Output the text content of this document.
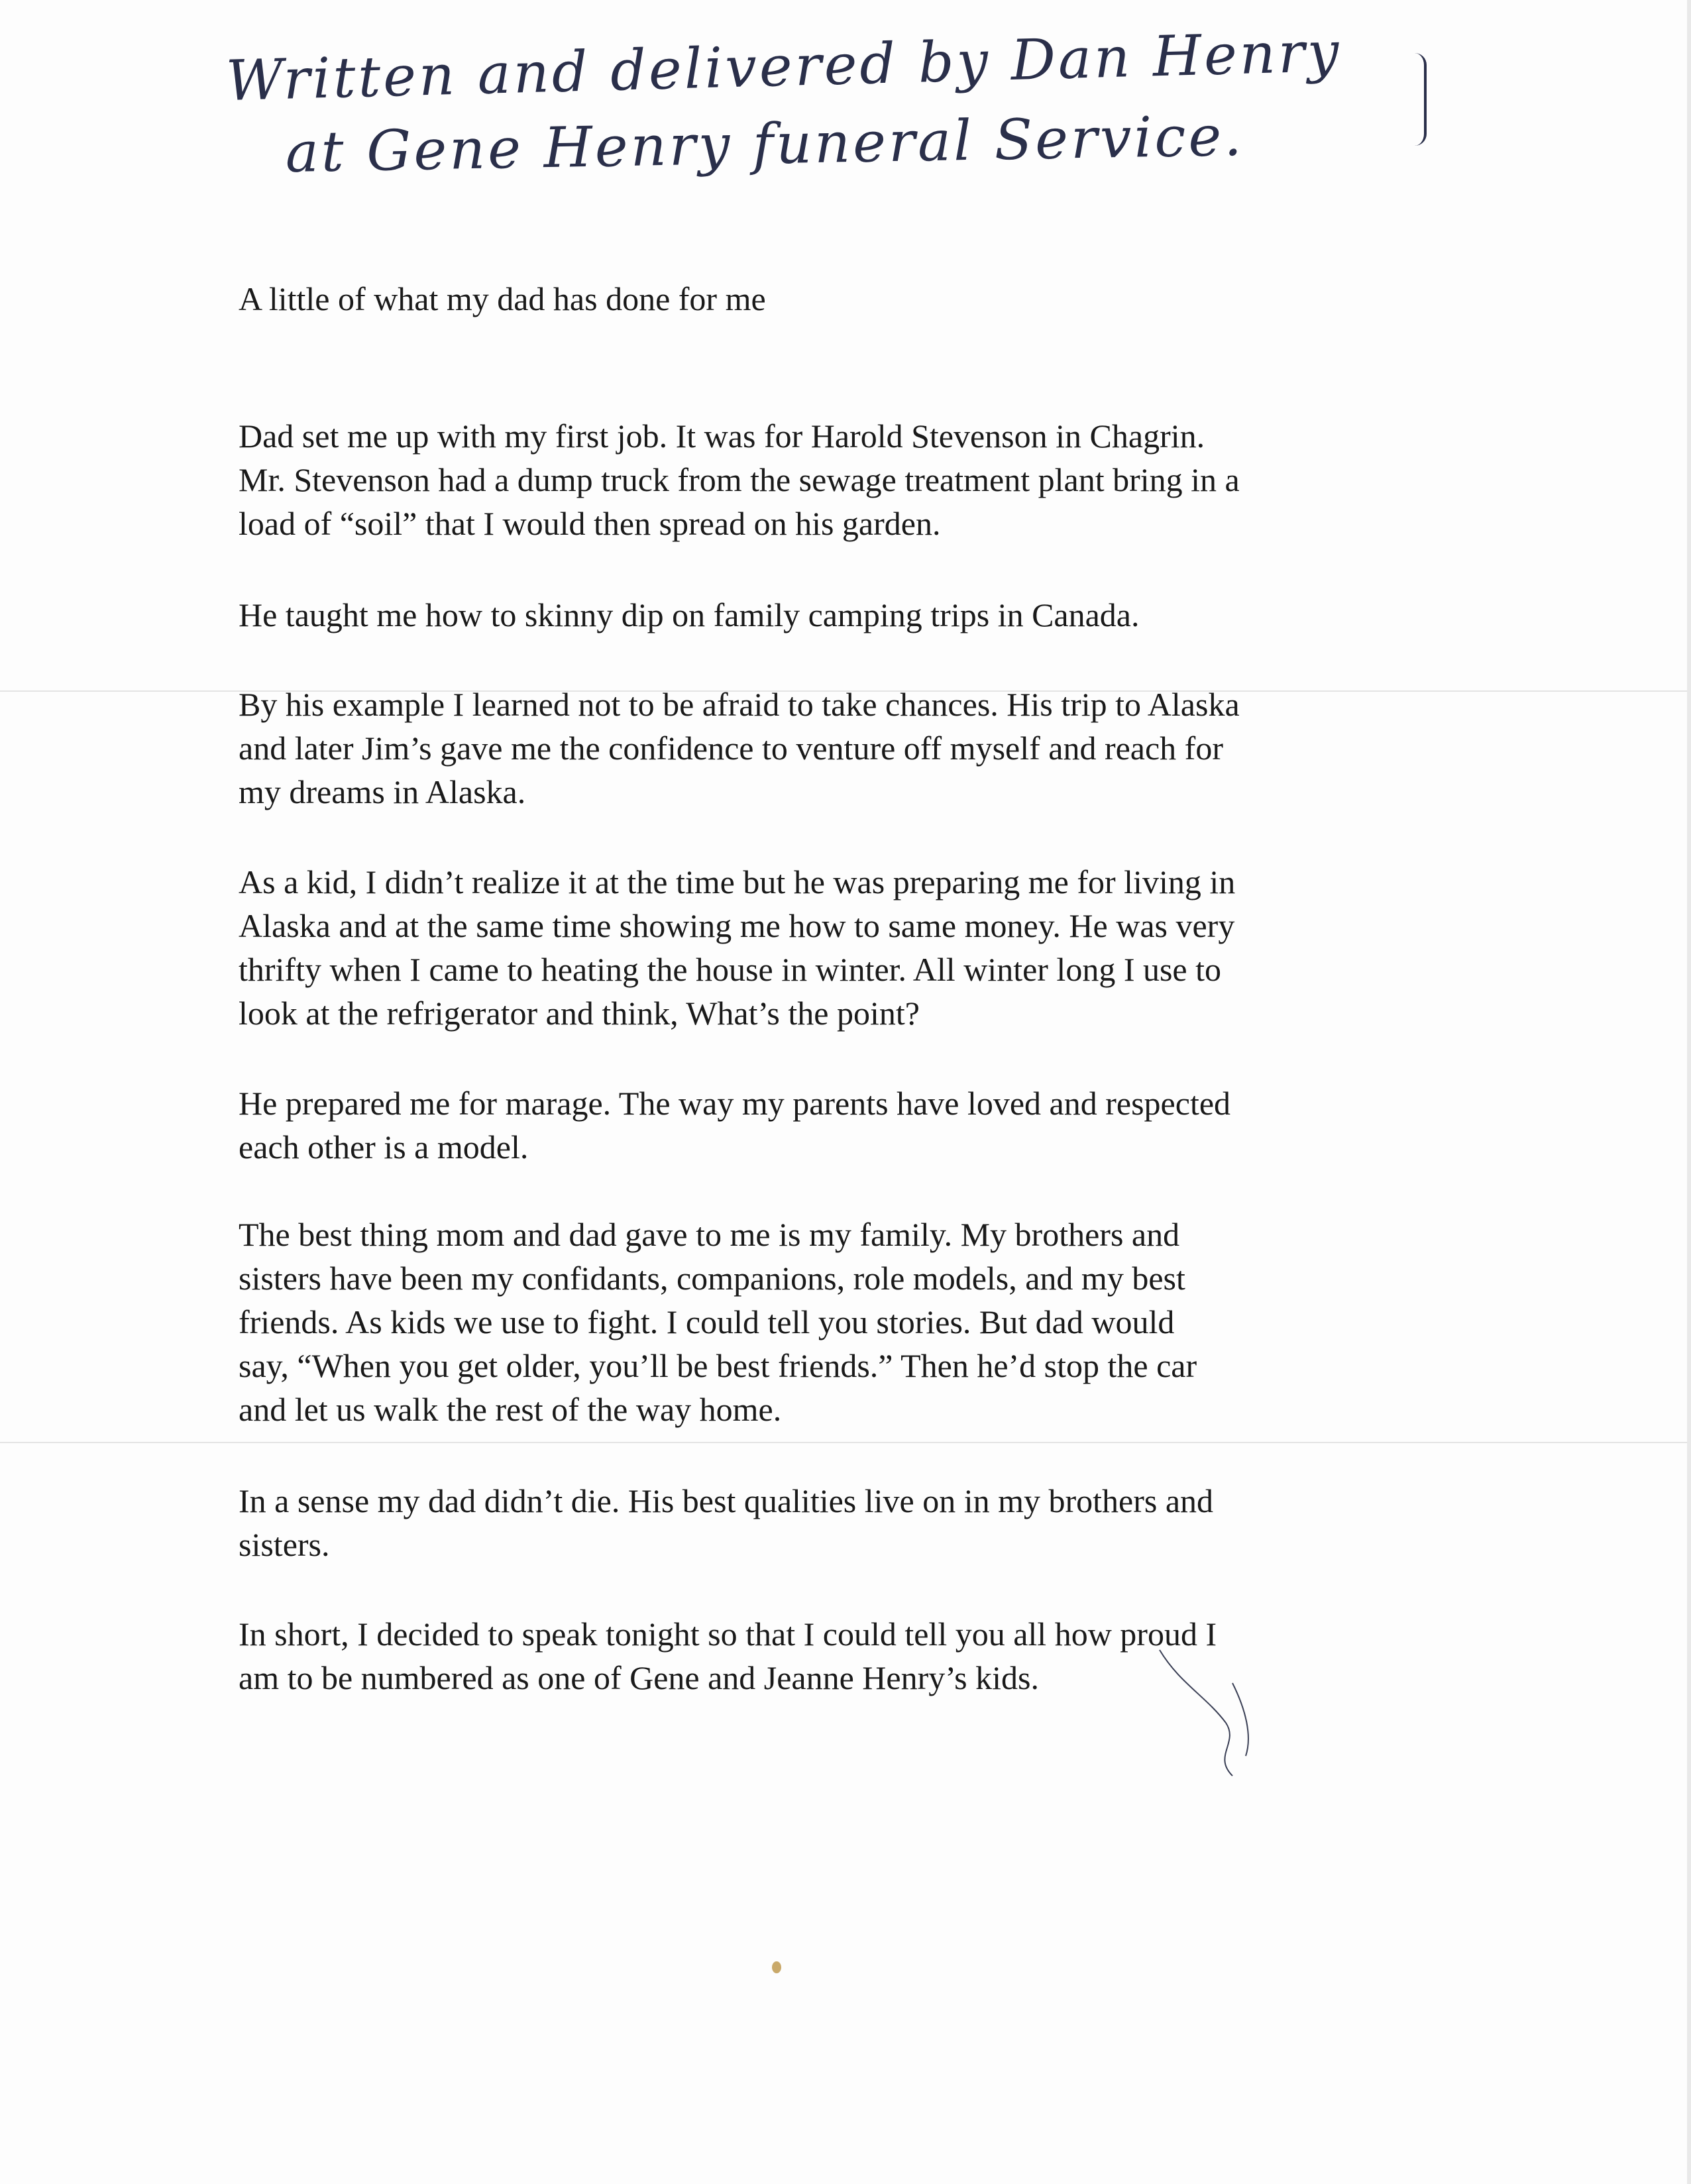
Written and delivered by Dan Henry
at Gene Henry funeral Service.
A little of what my dad has done for me
Dad set me up with my first job. It was for Harold Stevenson in Chagrin.
Mr. Stevenson had a dump truck from the sewage treatment plant bring in a
load of “soil” that I would then spread on his garden.
He taught me how to skinny dip on family camping trips in Canada.
By his example I learned not to be afraid to take chances. His trip to Alaska
and later Jim’s gave me the confidence to venture off myself and reach for
my dreams in Alaska.
As a kid, I didn’t realize it at the time but he was preparing me for living in
Alaska and at the same time showing me how to same money. He was very
thrifty when I came to heating the house in winter. All winter long I use to
look at the refrigerator and think, What’s the point?
He prepared me for marage. The way my parents have loved and respected
each other is a model.
The best thing mom and dad gave to me is my family. My brothers and
sisters have been my confidants, companions, role models, and my best
friends. As kids we use to fight. I could tell you stories. But dad would
say, “When you get older, you’ll be best friends.” Then he’d stop the car
and let us walk the rest of the way home.
In a sense my dad didn’t die. His best qualities live on in my brothers and
sisters.
In short, I decided to speak tonight so that I could tell you all how proud I
am to be numbered as one of Gene and Jeanne Henry’s kids.
